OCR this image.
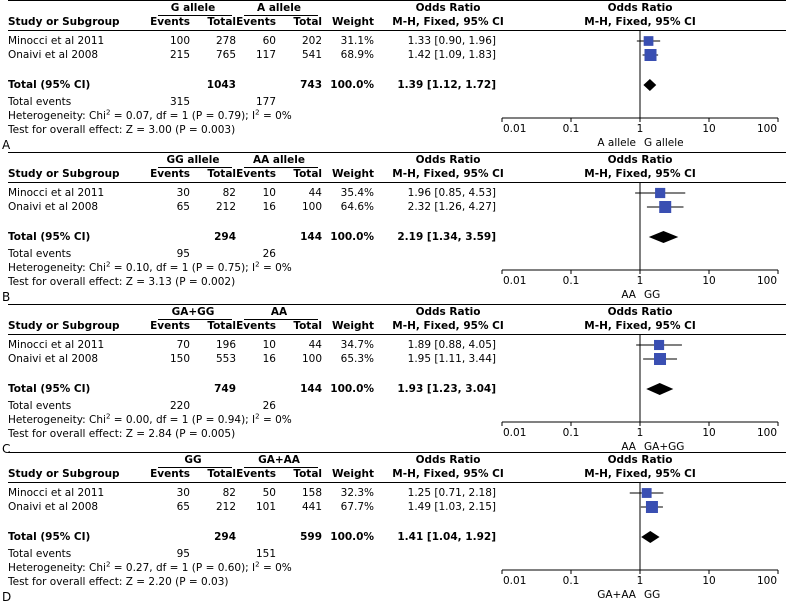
G allele	A allele	Odds Ratio	Odds Ratio
Study or Subgroup	Events	Total Events	Total Weight M-H, Fixed, 95% CI	M-H, Fixed, 95% CI
Minocci et al 2011	100	278	60	202	31.1%	1.33 [0.90, 1.96]
Onaivi et al 2008	215	765	117	541	68.9%	1.42 [1.09, 1.83]
Total (95% CI)	1043	743 100.0%	1.39 [1.12, 1.72]
Total events	315	177
Heterogeneity: Chi$^2$ = 0.07, df = 1 (P = 0.79); $I^2 = 0\%$
Test for overall effect: Z = 3.00 (P = 0.003)	0.01	0.1	1	10	100
A allele G allele
A
GG allele	AA allele	Odds Ratio	Odds Ratio
Study or Subgroup	Events	Total Events	Total Weight M-H, Fixed, 95% CI	M-H, Fixed, 95% CI
Minocci et al 2011	30	82	10	44	35.4%	1.96 [0.85, 4.53]
Onaivi et al 2008	65	212	16	100	64.6%	2.32 [1.26, 4.27]
Total (95% CI)	294	144 100.0%	2.19 [1.34, 3.59]
Total events	95	26
Heterogeneity: Chi$^2$ = 0.10, df = 1 (P = 0.75); $I^2 = 0\%$
Test for overall effect: Z = 3.13 (P = 0.002)	0.01	0.1	1	10	100
AA GG
B
GA+GG	AA	Odds Ratio	Odds Ratio
Study or Subgroup	Events	Total Events	Total Weight M-H, Fixed, 95% CI	M-H, Fixed, 95% CI
Minocci et al 2011	70	196	10	44	34.7%	1.89 [0.88, 4.05]
Onaivi et al 2008	150	553	16	100	65.3%	1.95 [1.11, 3.44]
Total (95% CI)	749	144 100.0%	1.93 [1.23, 3.04]
Total events	220	26
Heterogeneity: Chi$^2$ = 0.00, df = 1 (P = 0.94); $I^2 = 0\%$
Test for overall effect: Z = 2.84 (P = 0.005)	0.01	0.1	1	10	100
AA GA+GG
C
GG	GA+AA	Odds Ratio	Odds Ratio
Study or Subgroup	Events	Total Events	Total Weight M-H, Fixed, 95% CI	M-H, Fixed, 95% CI
Minocci et al 2011	30	82	50	158	32.3%	1.25 [0.71, 2.18]
Onaivi et al 2008	65	212	101	441	67.7%	1.49 [1.03, 2.15]
Total (95% CI)	294	599 100.0%	1.41 [1.04, 1.92]
Total events	95	151
Heterogeneity: Chi$^2$ = 0.27, df = 1 (P = 0.60); $I^2 = 0\%$
Test for overall effect: Z = 2.20 (P = 0.03)	0.01	0.1	1	10	100
GA+AA GG
D
